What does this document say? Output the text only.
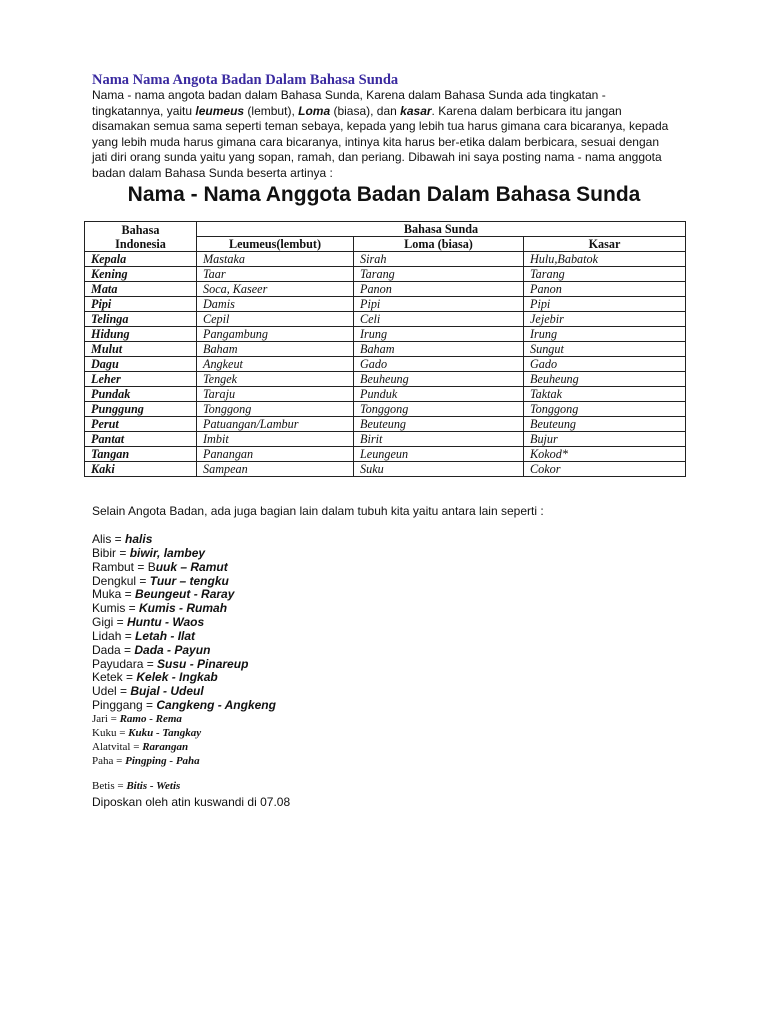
Nama Nama Angota Badan Dalam Bahasa Sunda

Nama - nama angota badan dalam Bahasa Sunda, Karena dalam Bahasa Sunda ada tingkatan - tingkatannya, yaitu leumeus (lembut), Loma (biasa), dan kasar. Karena dalam berbicara itu jangan disamakan semua sama seperti teman sebaya, kepada yang lebih tua harus gimana cara bicaranya, kepada yang lebih muda harus gimana cara bicaranya, intinya kita harus ber-etika dalam berbicara, sesuai dengan jati diri orang sunda yaitu yang sopan, ramah, dan periang. Dibawah ini saya posting nama - nama anggota badan dalam Bahasa Sunda beserta artinya :

Nama - Nama Anggota Badan Dalam Bahasa Sunda
Bahasa
Indonesia	Bahasa Sunda		
	Leumeus(lembut)	Loma (biasa)	Kasar
Kepala	Mastaka	Sirah	Hulu,Babatok
Kening	Taar	Tarang	Tarang
Mata	Soca, Kaseer	Panon	Panon
Pipi	Damis	Pipi	Pipi
Telinga	Cepil	Celi	Jejebir
Hidung	Pangambung	Irung	Irung
Mulut	Baham	Baham	Sungut
Dagu	Angkeut	Gado	Gado
Leher	Tengek	Beuheung	Beuheung
Pundak	Taraju	Punduk	Taktak
Punggung	Tonggong	Tonggong	Tonggong
Perut	Patuangan/Lambur	Beuteung	Beuteung
Pantat	Imbit	Birit	Bujur
Tangan	Panangan	Leungeun	Kokod*
Kaki	Sampean	Suku	Cokor
Selain Angota Badan, ada juga bagian lain dalam tubuh kita yaitu antara lain seperti :
Alis = halis
Bibir = biwir, lambey
Rambut = Buuk – Ramut
Dengkul = Tuur – tengku
Muka = Beungeut - Raray
Kumis = Kumis - Rumah
Gigi = Huntu - Waos
Lidah = Letah - Ilat
Dada = Dada - Payun
Payudara = Susu - Pinareup
Ketek = Kelek - Ingkab
Udel = Bujal - Udeul
Pinggang = Cangkeng - Angkeng
Jari = Ramo - Rema
Kuku = Kuku - Tangkay
Alatvital = Rarangan
Paha = Pingping - Paha
Betis = Bitis - Wetis
Diposkan oleh atin kuswandi di 07.08
